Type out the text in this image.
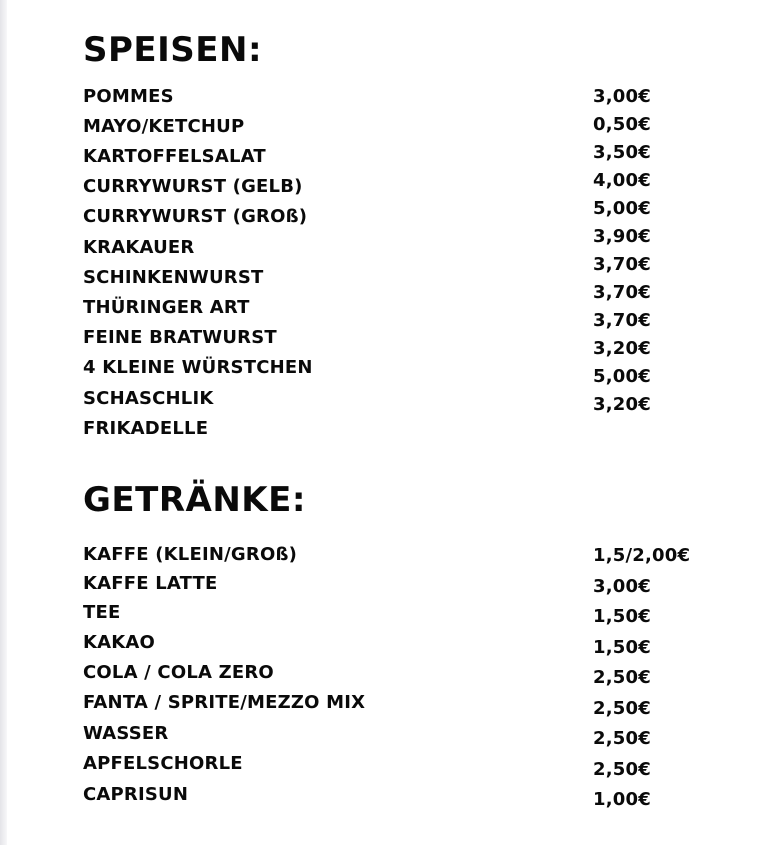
SPEISEN:
POMMES
MAYO/KETCHUP
KARTOFFELSALAT
CURRYWURST (GELB)
CURRYWURST (GROß)
KRAKAUER
SCHINKENWURST
THÜRINGER ART
FEINE BRATWURST
4 KLEINE WÜRSTCHEN
SCHASCHLIK
FRIKADELLE
3,00€
0,50€
3,50€
4,00€
5,00€
3,90€
3,70€
3,70€
3,70€
3,20€
5,00€
3,20€
GETRÄNKE:
KAFFE (KLEIN/GROß)
KAFFE LATTE
TEE
KAKAO
COLA / COLA ZERO
FANTA / SPRITE/MEZZO MIX
WASSER
APFELSCHORLE
CAPRISUN
1,5/2,00€
3,00€
1,50€
1,50€
2,50€
2,50€
2,50€
2,50€
1,00€
